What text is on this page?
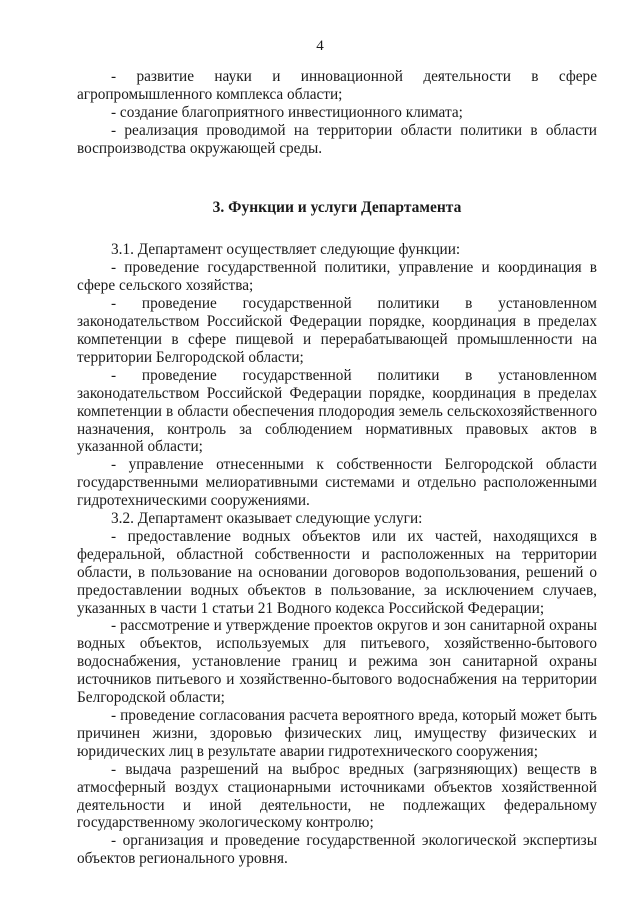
4

- развитие науки и инновационной деятельности в сфере агропромышленного комплекса области;

- создание благоприятного инвестиционного климата;

- реализация проводимой на территории области политики в области воспроизводства окружающей среды.

3. Функции и услуги Департамента

3.1. Департамент осуществляет следующие функции:

- проведение государственной политики, управление и координация в сфере сельского хозяйства;

- проведение государственной политики в установленном законодательством Российской Федерации порядке, координация в пределах компетенции в сфере пищевой и перерабатывающей промышленности на территории Белгородской области;

- проведение государственной политики в установленном законодательством Российской Федерации порядке, координация в пределах компетенции в области обеспечения плодородия земель сельскохозяйственного назначения, контроль за соблюдением нормативных правовых актов в указанной области;

- управление отнесенными к собственности Белгородской области государственными мелиоративными системами и отдельно расположенными гидротехническими сооружениями.

3.2. Департамент оказывает следующие услуги:

- предоставление водных объектов или их частей, находящихся в федеральной, областной собственности и расположенных на территории области, в пользование на основании договоров водопользования, решений о предоставлении водных объектов в пользование, за исключением случаев, указанных в части 1 статьи 21 Водного кодекса Российской Федерации;

- рассмотрение и утверждение проектов округов и зон санитарной охраны водных объектов, используемых для питьевого, хозяйственно-бытового водоснабжения, установление границ и режима зон санитарной охраны источников питьевого и хозяйственно-бытового водоснабжения на территории Белгородской области;

- проведение согласования расчета вероятного вреда, который может быть причинен жизни, здоровью физических лиц, имуществу физических и юридических лиц в результате аварии гидротехнического сооружения;

- выдача разрешений на выброс вредных (загрязняющих) веществ в атмосферный воздух стационарными источниками объектов хозяйственной деятельности и иной деятельности, не подлежащих федеральному государственному экологическому контролю;

- организация и проведение государственной экологической экспертизы объектов регионального уровня.
